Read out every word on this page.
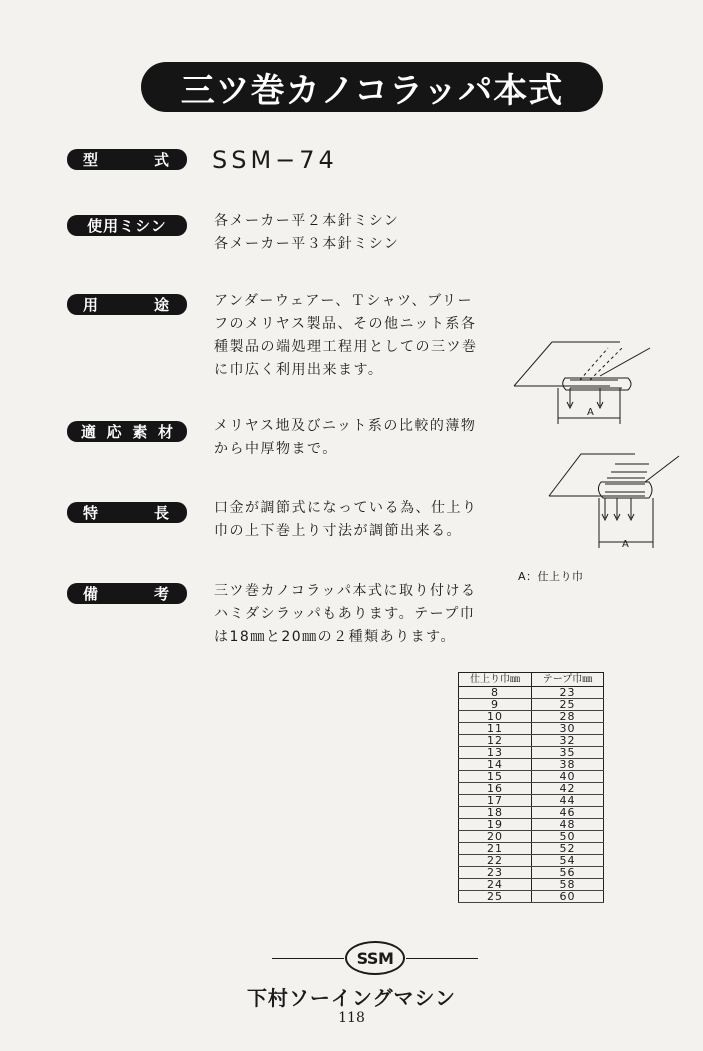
三ツ巻カノコラッパ本式
型	式 SSM−74
使用ミシン	各メーカー平２本針ミシン
各メーカー平３本針ミシン
用	途	アンダーウェアー、Ｔシャツ、ブリー
フのメリヤス製品、その他ニット系各
種製品の端処理工程用としての三ツ巻
に巾広く利用出来ます。
適 応 素 材	メリヤス地及びニット系の比較的薄物
から中厚物まで。
特	長	口金が調節式になっている為、仕上り
巾の上下巻上り寸法が調節出来る。
備	考	三ツ巻カノコラッパ本式に取り付ける
ハミダシラッパもあります。テープ巾
は18㎜と20㎜の２種類あります。
A
A
A：仕上り巾
仕上り巾㎜	テープ巾㎜
8	23
9	25
10	28
11	30
12	32
13	35
14	38
15	40
16	42
17	44
18	46
19	48
20	50
21	52
22	54
23	56
24	58
25	60
SSM
下村ソーイングマシン
118
